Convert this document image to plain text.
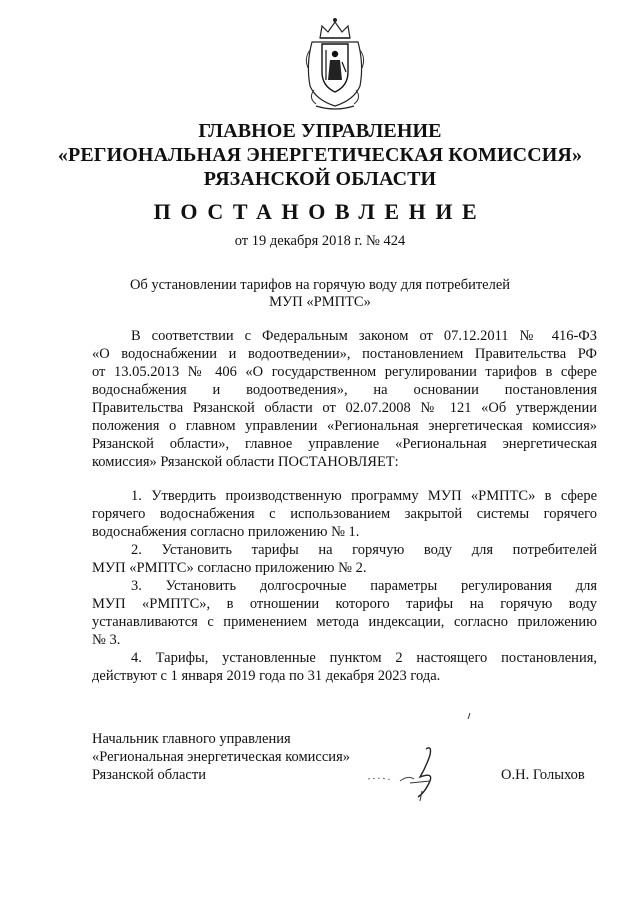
ГЛАВНОЕ УПРАВЛЕНИЕ
«РЕГИОНАЛЬНАЯ ЭНЕРГЕТИЧЕСКАЯ КОМИССИЯ»
РЯЗАНСКОЙ ОБЛАСТИ
ПОСТАНОВЛЕНИЕ
от 19 декабря 2018 г. № 424
Об установлении тарифов на горячую воду для потребителей
МУП «РМПТС»
В соответствии с Федеральным законом от 07.12.2011 № 416-ФЗ
«О водоснабжении и водоотведении», постановлением Правительства РФ
от 13.05.2013 № 406 «О государственном регулировании тарифов в сфере
водоснабжения и водоотведения», на основании постановления
Правительства Рязанской области от 02.07.2008 № 121 «Об утверждении
положения о главном управлении «Региональная энергетическая комиссия»
Рязанской области», главное управление «Региональная энергетическая
комиссия» Рязанской области ПОСТАНОВЛЯЕТ:
1. Утвердить производственную программу МУП «РМПТС» в сфере
горячего водоснабжения с использованием закрытой системы горячего
водоснабжения согласно приложению № 1.
2. Установить тарифы на горячую воду для потребителей
МУП «РМПТС» согласно приложению № 2.
3. Установить долгосрочные параметры регулирования для
МУП «РМПТС», в отношении которого тарифы на горячую воду
устанавливаются с применением метода индексации, согласно приложению
№ 3.
4. Тарифы, установленные пунктом 2 настоящего постановления,
действуют с 1 января 2019 года по 31 декабря 2023 года.
Начальник главного управления
«Региональная энергетическая комиссия»
Рязанской области	О.Н. Голыхов
